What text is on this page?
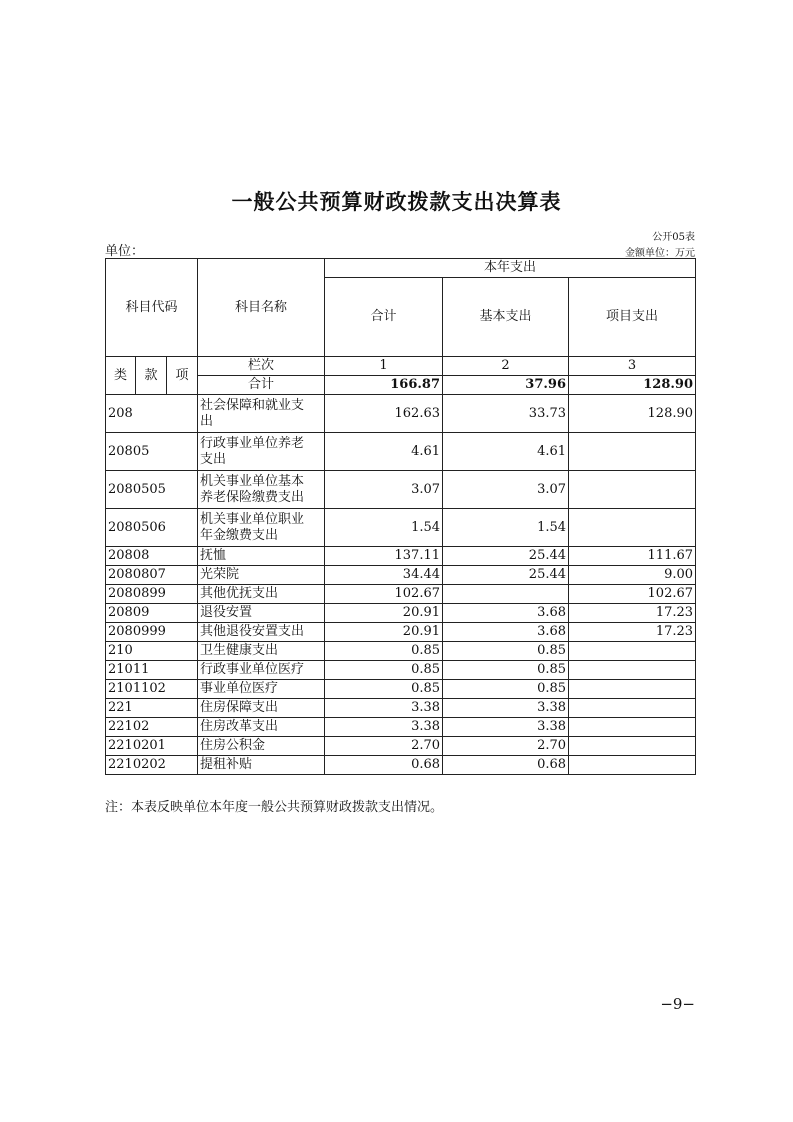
一般公共预算财政拨款支出决算表
公开05表
单位：	金额单位：万元
科目代码			科目名称	本年支出		
				合计	基本支出	项目支出

类	款	项	栏次	1	2	3
			合计	166.87	37.96	128.90
208			社会保障和就业支
出	162.63	33.73	128.90
20805			行政事业单位养老
支出	4.61	4.61	
2080505			机关事业单位基本
养老保险缴费支出	3.07	3.07	
2080506			机关事业单位职业
年金缴费支出	1.54	1.54	
20808			抚恤	137.11	25.44	111.67
2080807			光荣院	34.44	25.44	9.00
2080899			其他优抚支出	102.67		102.67
20809			退役安置	20.91	3.68	17.23
2080999			其他退役安置支出	20.91	3.68	17.23
210			卫生健康支出	0.85	0.85	
21011			行政事业单位医疗	0.85	0.85	
2101102			事业单位医疗	0.85	0.85	
221			住房保障支出	3.38	3.38	
22102			住房改革支出	3.38	3.38	
2210201			住房公积金	2.70	2.70	
2210202			提租补贴	0.68	0.68	
注：本表反映单位本年度一般公共预算财政拨款支出情况。
−9−
